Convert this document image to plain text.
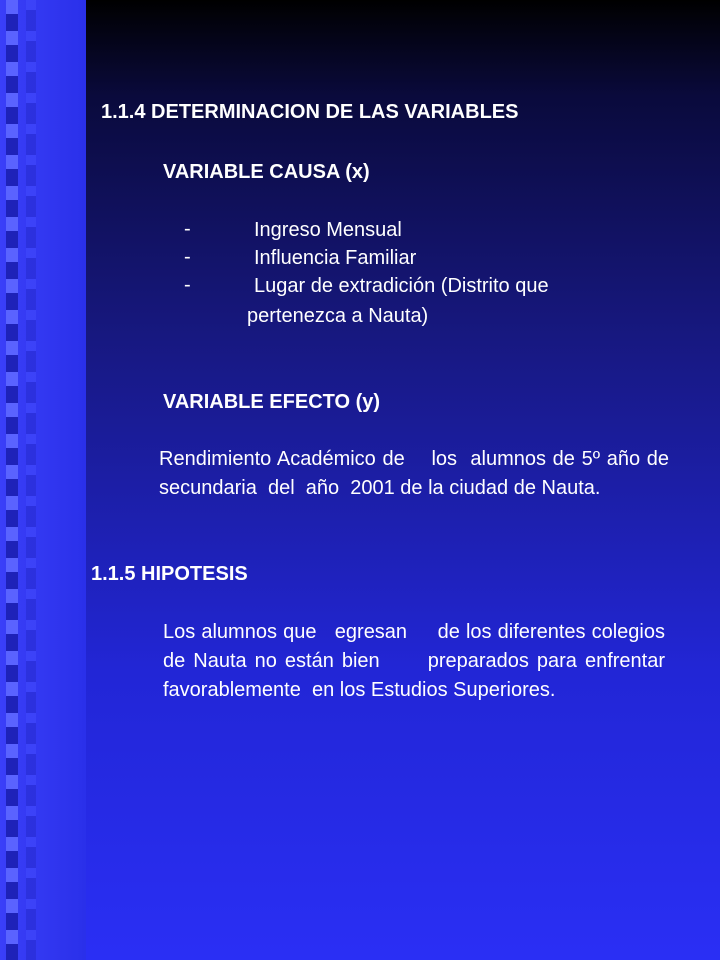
1.1.4 DETERMINACION DE LAS VARIABLES
VARIABLE CAUSA (x)
-	Ingreso Mensual
-	Influencia Familiar
-	Lugar de extradición (Distrito que
pertenezca a Nauta)
VARIABLE EFECTO (y)
Rendimiento Académico de    los  alumnos de 5º año de   secundaria  del  año  2001 de la ciudad de Nauta.
1.1.5 HIPOTESIS
Los alumnos que   egresan     de los diferentes colegios de Nauta no están bien      preparados para enfrentar favorablemente  en los Estudios Superiores.
